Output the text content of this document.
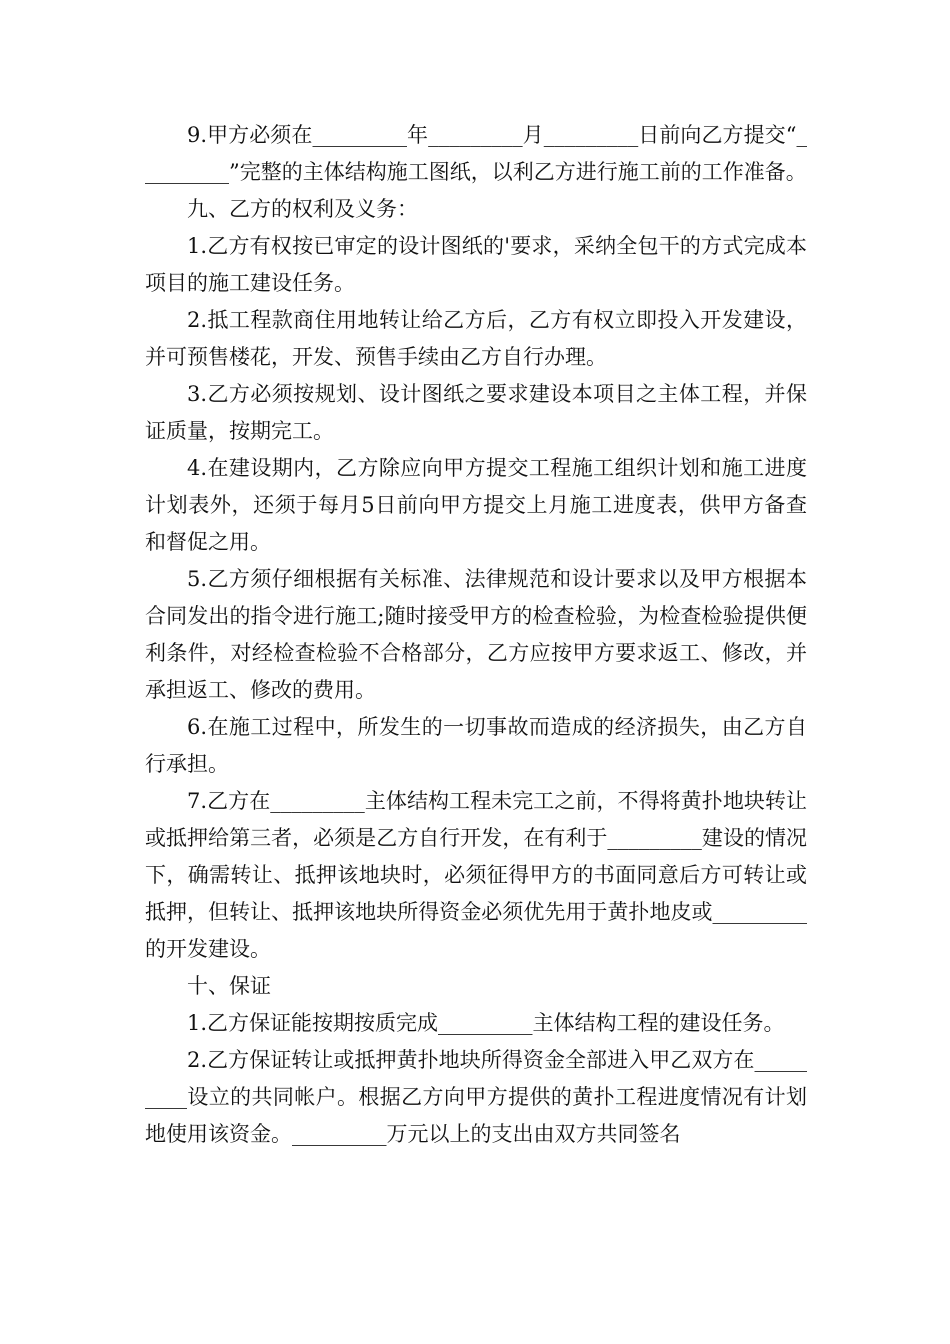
9.甲方必须在_________年_________月_________日前向乙方提交“_________”完整的主体结构施工图纸，以利乙方进行施工前的工作准备。

九、乙方的权利及义务：

1.乙方有权按已审定的设计图纸的'要求，采纳全包干的方式完成本项目的施工建设任务。

2.抵工程款商住用地转让给乙方后，乙方有权立即投入开发建设，并可预售楼花，开发、预售手续由乙方自行办理。

3.乙方必须按规划、设计图纸之要求建设本项目之主体工程，并保证质量，按期完工。

4.在建设期内，乙方除应向甲方提交工程施工组织计划和施工进度计划表外，还须于每月5日前向甲方提交上月施工进度表，供甲方备查和督促之用。

5.乙方须仔细根据有关标准、法律规范和设计要求以及甲方根据本合同发出的指令进行施工;随时接受甲方的检查检验，为检查检验提供便利条件，对经检查检验不合格部分，乙方应按甲方要求返工、修改，并承担返工、修改的费用。

6.在施工过程中，所发生的一切事故而造成的经济损失，由乙方自行承担。

7.乙方在_________主体结构工程未完工之前，不得将黄扑地块转让或抵押给第三者，必须是乙方自行开发，在有利于_________建设的情况下，确需转让、抵押该地块时，必须征得甲方的书面同意后方可转让或抵押，但转让、抵押该地块所得资金必须优先用于黄扑地皮或_________的开发建设。

十、保证

1.乙方保证能按期按质完成_________主体结构工程的建设任务。

2.乙方保证转让或抵押黄扑地块所得资金全部进入甲乙双方在_________设立的共同帐户。根据乙方向甲方提供的黄扑工程进度情况有计划地使用该资金。_________万元以上的支出由双方共同签名
